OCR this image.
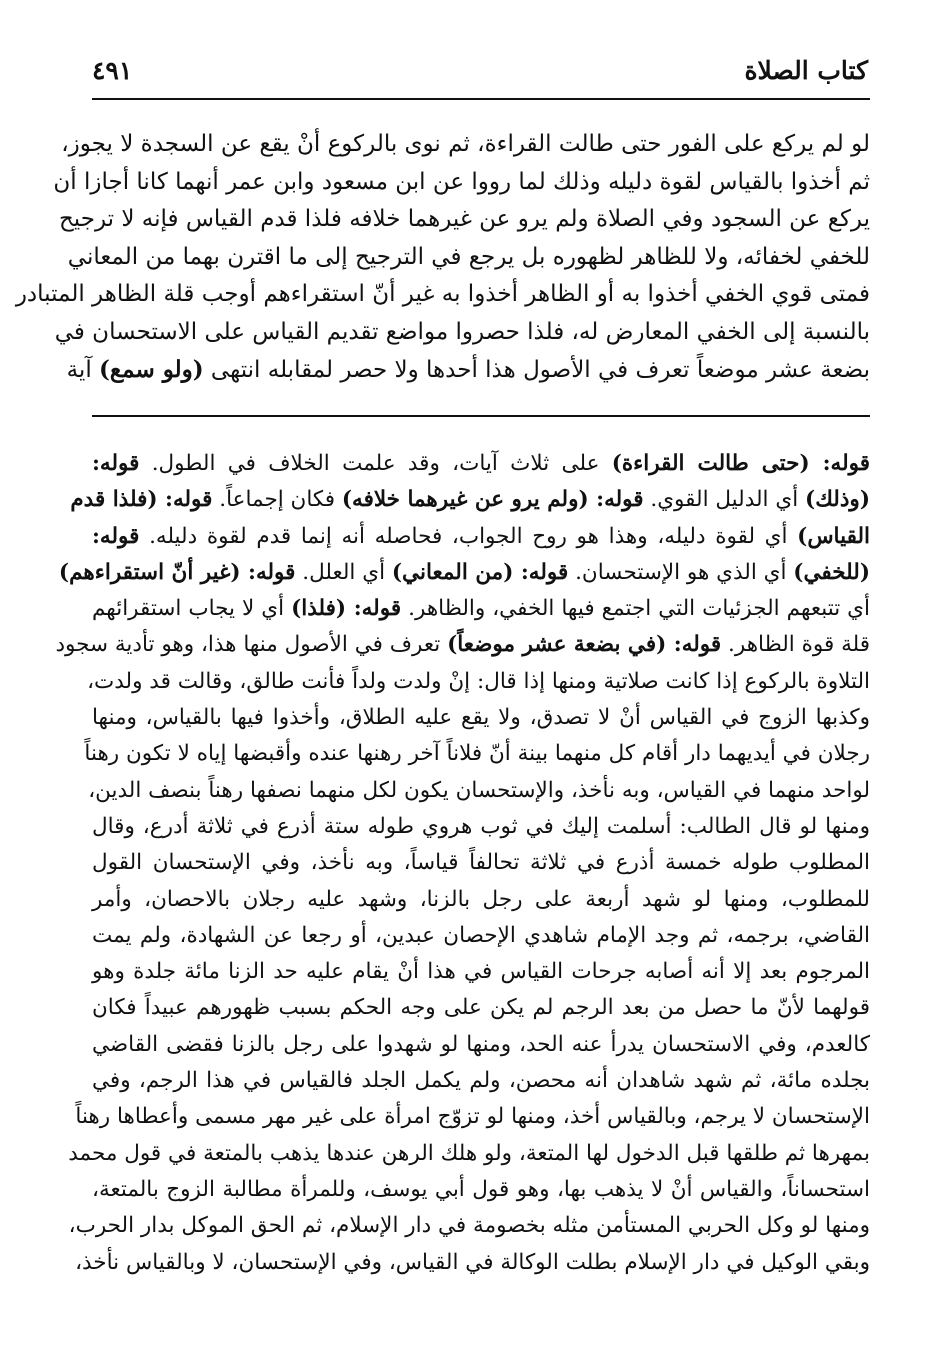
كتاب الصلاة
٤٩١
لو لم يركع على الفور حتى طالت القراءة، ثم نوى بالركوع أنْ يقع عن السجدة لا يجوز،
ثم أخذوا بالقياس لقوة دليله وذلك لما رووا عن ابن مسعود وابن عمر أنهما كانا أجازا أن
يركع عن السجود وفي الصلاة ولم يرو عن غيرهما خلافه فلذا قدم القياس فإنه لا ترجيح
للخفي لخفائه، ولا للظاهر لظهوره بل يرجع في الترجيح إلى ما اقترن بهما من المعاني
فمتى قوي الخفي أخذوا به أو الظاهر أخذوا به غير أنّ استقراءهم أوجب قلة الظاهر المتبادر
بالنسبة إلى الخفي المعارض له، فلذا حصروا مواضع تقديم القياس على الاستحسان في
بضعة عشر موضعاً تعرف في الأصول هذا أحدها ولا حصر لمقابله انتهى (ولو سمع) آية
قوله: (حتى طالت القراءة) على ثلاث آيات، وقد علمت الخلاف في الطول. قوله:
(وذلك) أي الدليل القوي. قوله: (ولم يرو عن غيرهما خلافه) فكان إجماعاً. قوله: (فلذا قدم
القياس) أي لقوة دليله، وهذا هو روح الجواب، فحاصله أنه إنما قدم لقوة دليله. قوله:
(للخفي) أي الذي هو الإستحسان. قوله: (من المعاني) أي العلل. قوله: (غير أنّ استقراءهم)
أي تتبعهم الجزئيات التي اجتمع فيها الخفي، والظاهر. قوله: (فلذا) أي لا يجاب استقرائهم
قلة قوة الظاهر. قوله: (في بضعة عشر موضعاً) تعرف في الأصول منها هذا، وهو تأدية سجود
التلاوة بالركوع إذا كانت صلاتية ومنها إذا قال: إنْ ولدت ولداً فأنت طالق، وقالت قد ولدت،
وكذبها الزوج في القياس أنْ لا تصدق، ولا يقع عليه الطلاق، وأخذوا فيها بالقياس، ومنها
رجلان في أيديهما دار أقام كل منهما بينة أنّ فلاناً آخر رهنها عنده وأقبضها إياه لا تكون رهناً
لواحد منهما في القياس، وبه نأخذ، والإستحسان يكون لكل منهما نصفها رهناً بنصف الدين،
ومنها لو قال الطالب: أسلمت إليك في ثوب هروي طوله ستة أذرع في ثلاثة أدرع، وقال
المطلوب طوله خمسة أذرع في ثلاثة تحالفاً قياساً، وبه نأخذ، وفي الإستحسان القول
للمطلوب، ومنها لو شهد أربعة على رجل بالزنا، وشهد عليه رجلان بالاحصان، وأمر
القاضي، برجمه، ثم وجد الإمام شاهدي الإحصان عبدين، أو رجعا عن الشهادة، ولم يمت
المرجوم بعد إلا أنه أصابه جرحات القياس في هذا أنْ يقام عليه حد الزنا مائة جلدة وهو
قولهما لأنّ ما حصل من بعد الرجم لم يكن على وجه الحكم بسبب ظهورهم عبيداً فكان
كالعدم، وفي الاستحسان يدرأ عنه الحد، ومنها لو شهدوا على رجل بالزنا فقضى القاضي
بجلده مائة، ثم شهد شاهدان أنه محصن، ولم يكمل الجلد فالقياس في هذا الرجم، وفي
الإستحسان لا يرجم، وبالقياس أخذ، ومنها لو تزوّج امرأة على غير مهر مسمى وأعطاها رهناً
بمهرها ثم طلقها قبل الدخول لها المتعة، ولو هلك الرهن عندها يذهب بالمتعة في قول محمد
استحساناً، والقياس أنْ لا يذهب بها، وهو قول أبي يوسف، وللمرأة مطالبة الزوج بالمتعة،
ومنها لو وكل الحربي المستأمن مثله بخصومة في دار الإسلام، ثم الحق الموكل بدار الحرب،
وبقي الوكيل في دار الإسلام بطلت الوكالة في القياس، وفي الإستحسان، لا وبالقياس نأخذ،
